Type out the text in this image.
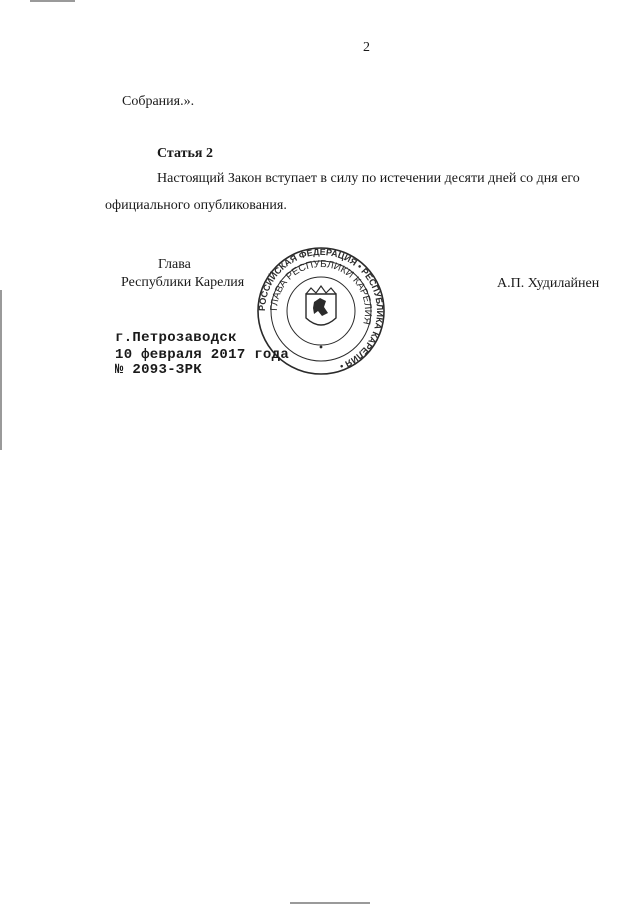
2
Собрания.».
Статья 2
Настоящий Закон вступает в силу по истечении десяти дней со дня его
официального опубликования.
Глава
Республики Карелия	А.П. Худилайнен
РОССИЙСКАЯ ФЕДЕРАЦИЯ • РЕСПУБЛИКА КАРЕЛИЯ •
ГЛАВА РЕСПУБЛИКИ КАРЕЛИЯ
г.Петрозаводск
10 февраля 2017 года
№ 2093-ЗРК
